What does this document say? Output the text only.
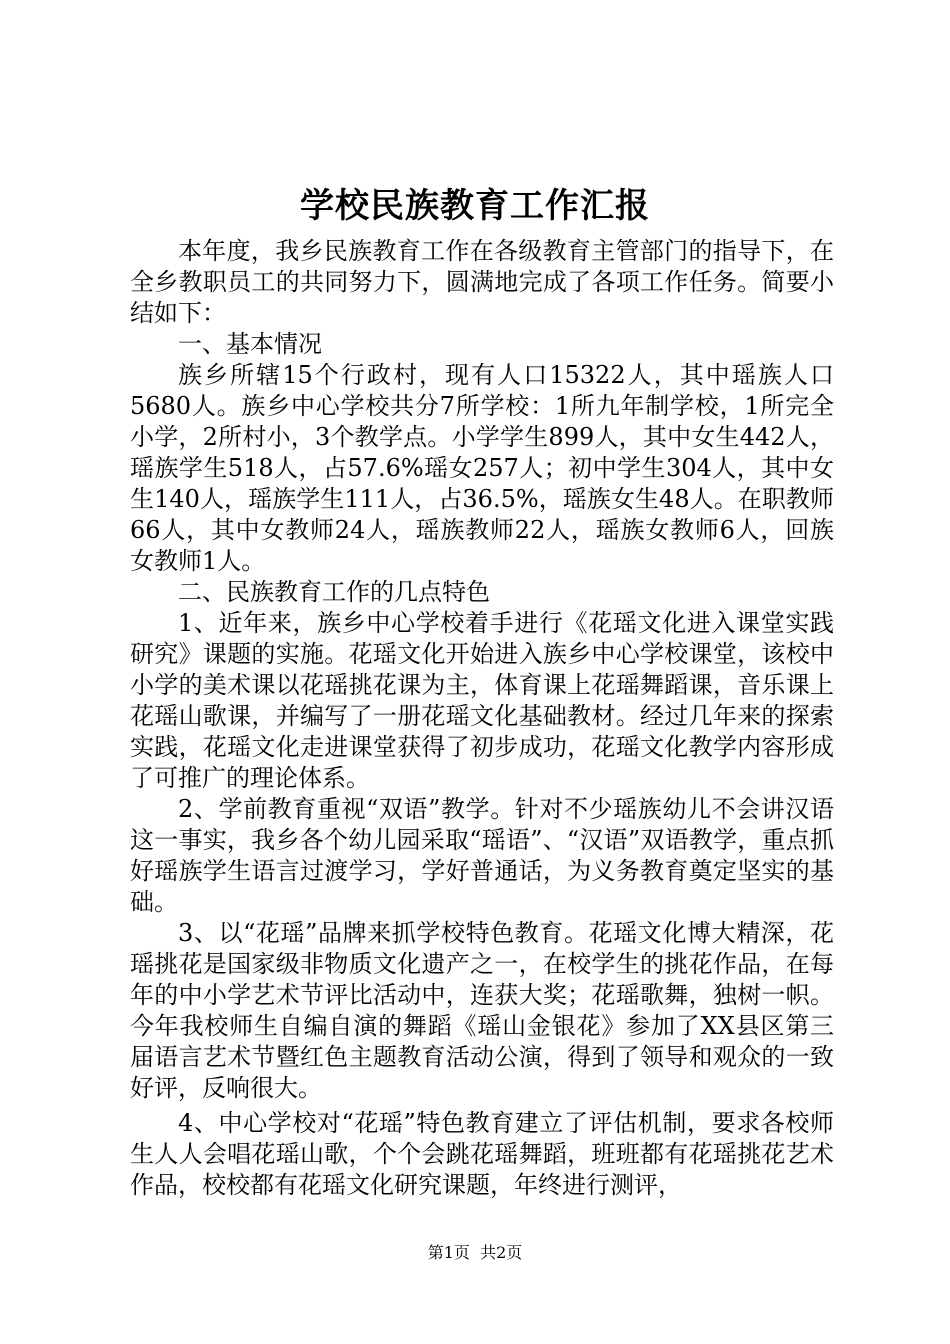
学校民族教育工作汇报

本年度，我乡民族教育工作在各级教育主管部门的指导下，在全乡教职员工的共同努力下，圆满地完成了各项工作任务。简要小结如下：

一、基本情况

族乡所辖15个行政村，现有人口15322人，其中瑶族人口5680人。族乡中心学校共分7所学校：1所九年制学校，1所完全小学，2所村小，3个教学点。小学学生899人，其中女生442人，瑶族学生518人，占57.6%瑶女257人；初中学生304人，其中女生140人，瑶族学生111人，占36.5%，瑶族女生48人。在职教师66人，其中女教师24人，瑶族教师22人，瑶族女教师6人，回族女教师1人。

二、民族教育工作的几点特色

1、近年来，族乡中心学校着手进行《花瑶文化进入课堂实践研究》课题的实施。花瑶文化开始进入族乡中心学校课堂，该校中小学的美术课以花瑶挑花课为主，体育课上花瑶舞蹈课，音乐课上花瑶山歌课，并编写了一册花瑶文化基础教材。经过几年来的探索实践，花瑶文化走进课堂获得了初步成功，花瑶文化教学内容形成了可推广的理论体系。

2、学前教育重视“双语”教学。针对不少瑶族幼儿不会讲汉语这一事实，我乡各个幼儿园采取“瑶语”、“汉语”双语教学，重点抓好瑶族学生语言过渡学习，学好普通话，为义务教育奠定坚实的基础。

3、以“花瑶”品牌来抓学校特色教育。花瑶文化博大精深，花瑶挑花是国家级非物质文化遗产之一，在校学生的挑花作品，在每年的中小学艺术节评比活动中，连获大奖；花瑶歌舞，独树一帜。今年我校师生自编自演的舞蹈《瑶山金银花》参加了XX县区第三届语言艺术节暨红色主题教育活动公演，得到了领导和观众的一致好评，反响很大。

4、中心学校对“花瑶”特色教育建立了评估机制，要求各校师生人人会唱花瑶山歌，个个会跳花瑶舞蹈，班班都有花瑶挑花艺术作品，校校都有花瑶文化研究课题，年终进行测评，

第1页  共2页
